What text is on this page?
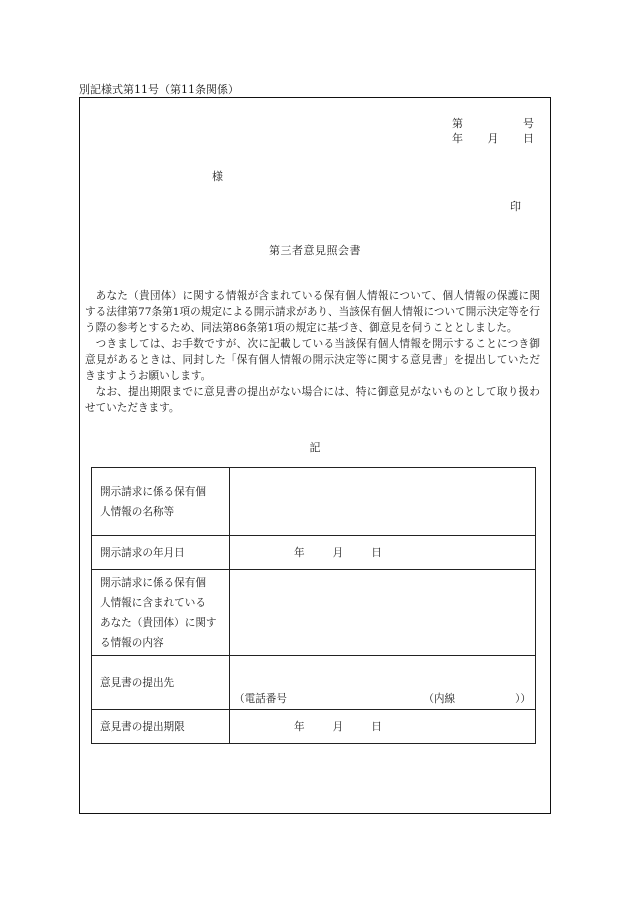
別記様式第11号（第11条関係）
第	号
年 月 日
様
印
第三者意見照会書

あなた（貴団体）に関する情報が含まれている保有個人情報について、個人情報の保護に関する法律第77条第1項の規定による開示請求があり、当該保有個人情報について開示決定等を行う際の参考とするため、同法第86条第1項の規定に基づき、御意見を伺うこととしました。

つきましては、お手数ですが、次に記載している当該保有個人情報を開示することにつき御意見があるときは、同封した「保有個人情報の開示決定等に関する意見書」を提出していただきますようお願いします。

なお、提出期限までに意見書の提出がない場合には、特に御意見がないものとして取り扱わせていただきます。

記
開示請求に係る保有個
人情報の名称等	

開示請求の年月日	年 月 日

開示請求に係る保有個
人情報に含まれている
あなた（貴団体）に関す
る情報の内容	

意見書の提出先	（電話番号 （内線 ））

意見書の提出期限	年 月 日
